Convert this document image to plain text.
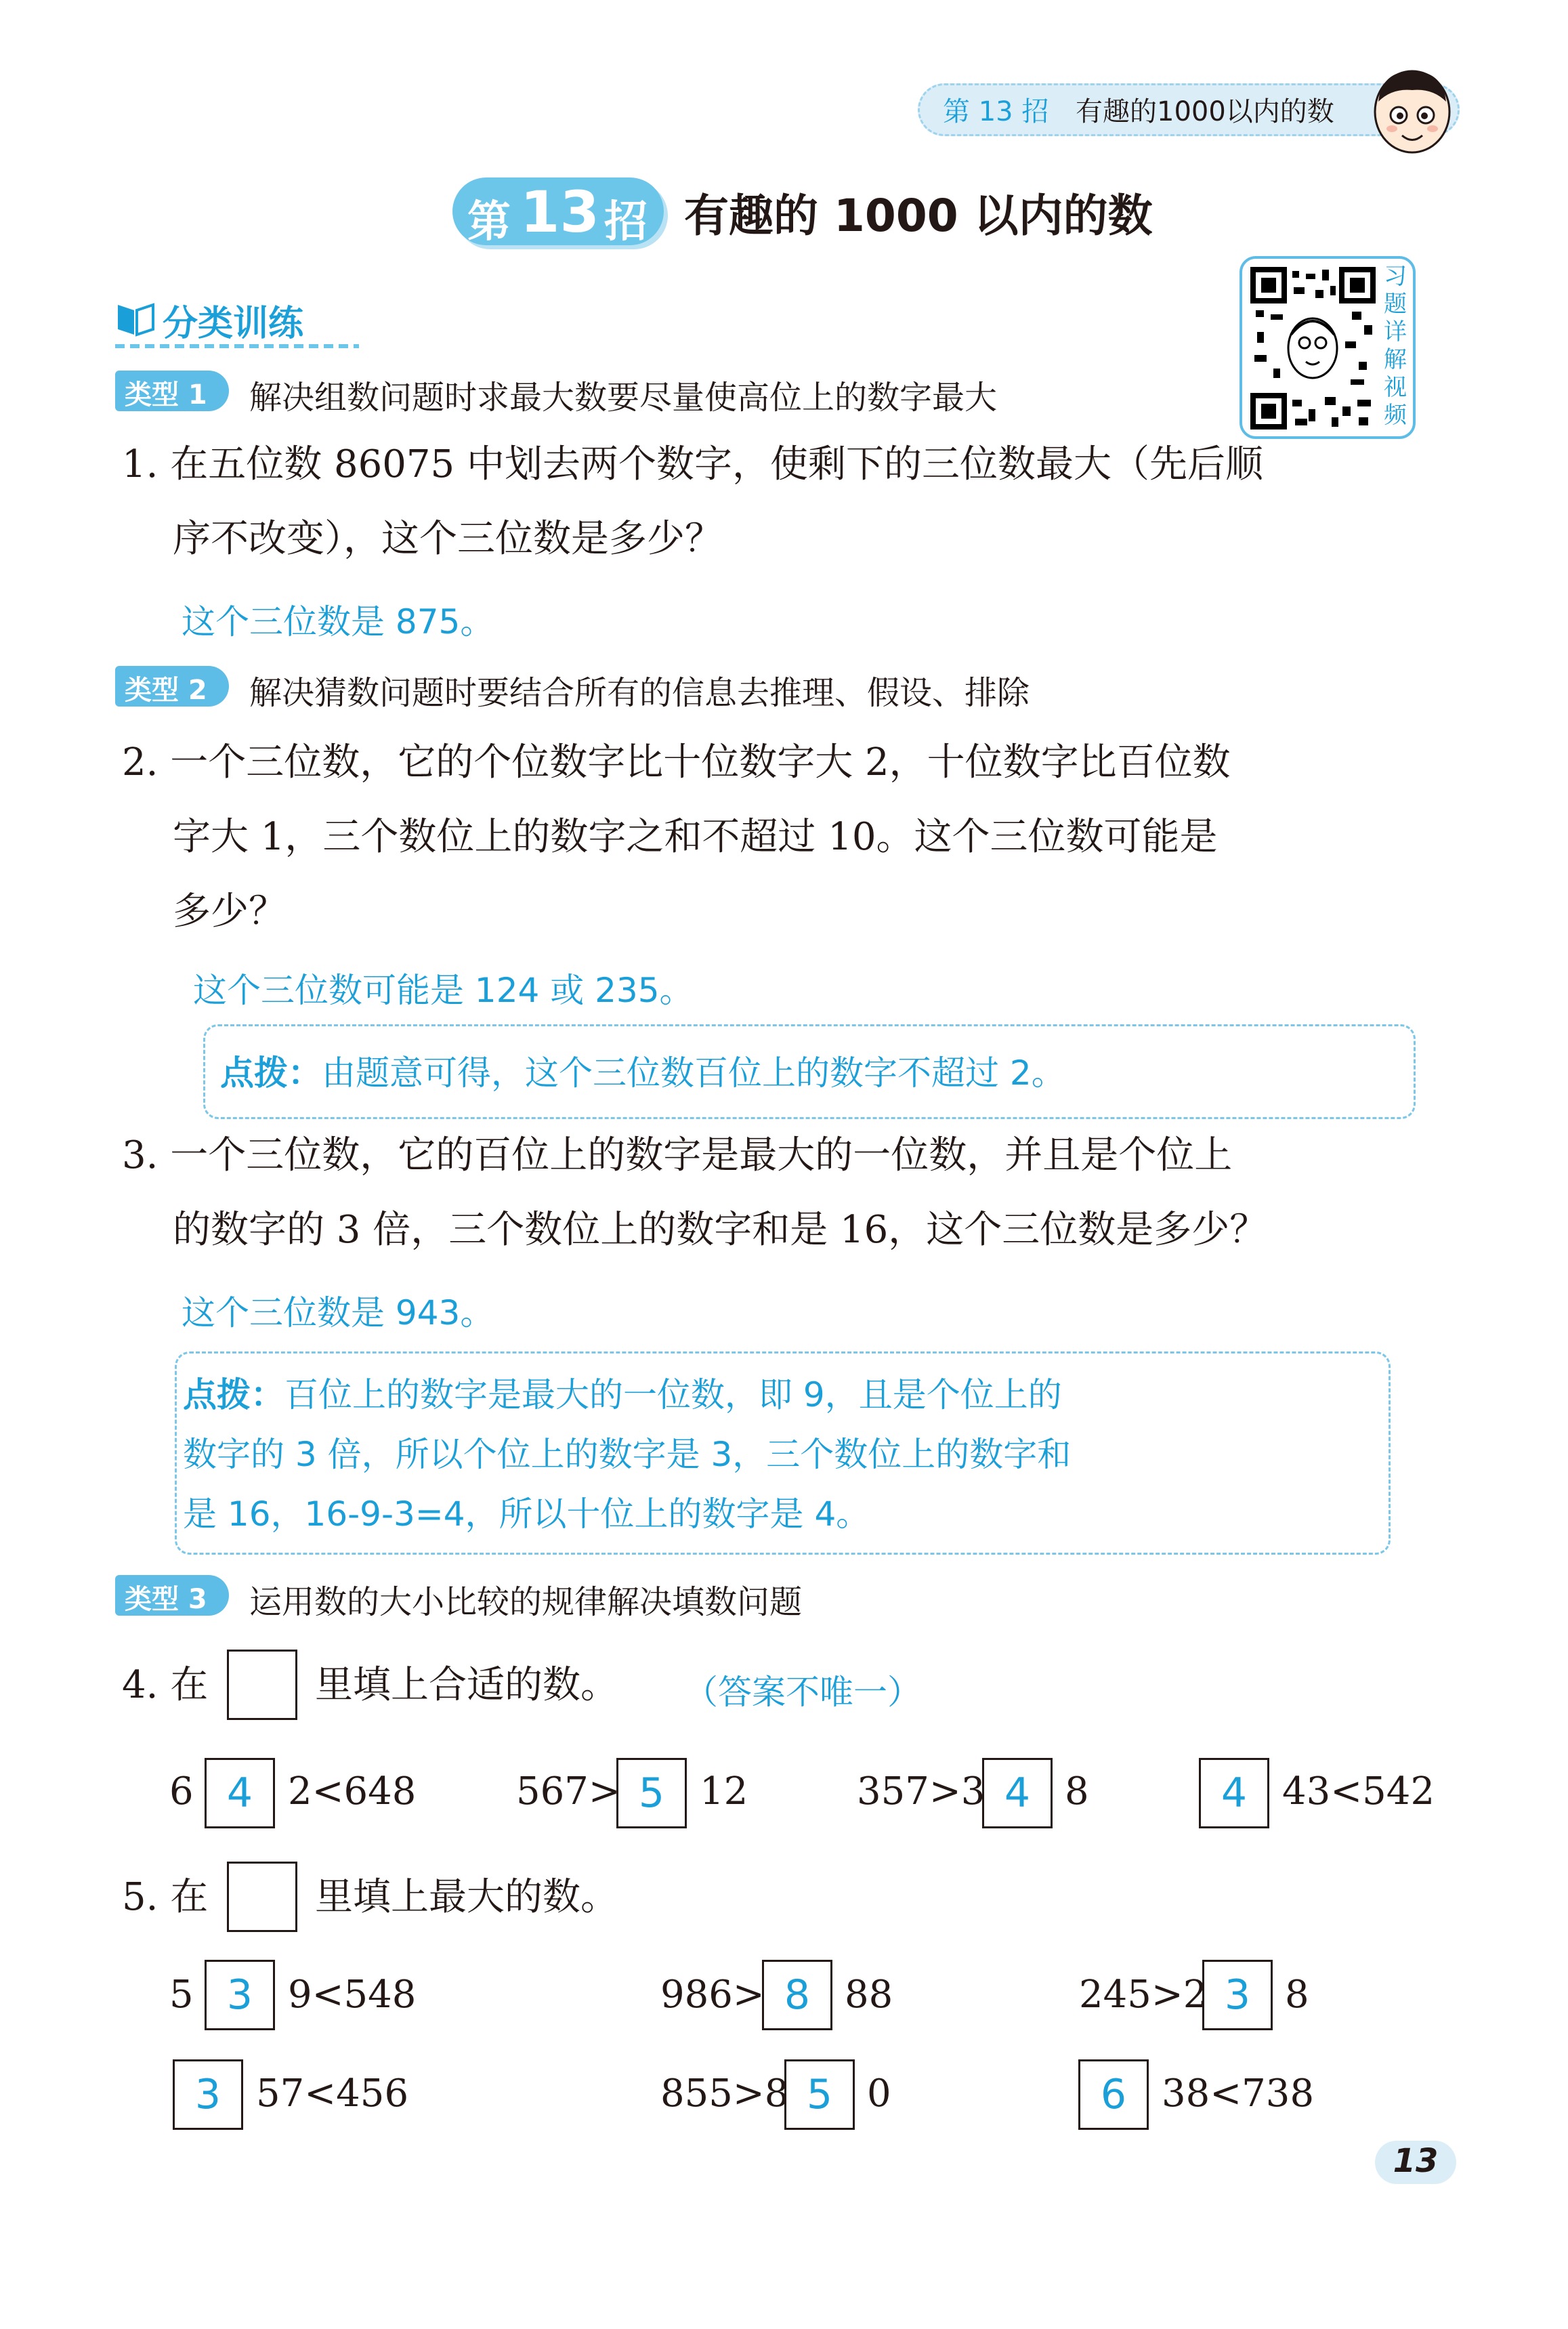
第 13 招 有趣的1000以内的数
第 13 招 有趣的 1000 以内的数
分类训练
习
题
详
解
视
频
类型 1 解决组数问题时求最大数要尽量使高位上的数字最大
1. 在五位数 86075 中划去两个数字，使剩下的三位数最大（先后顺
序不改变），这个三位数是多少？
这个三位数是 875。
类型 2 解决猜数问题时要结合所有的信息去推理、假设、排除
2. 一个三位数，它的个位数字比十位数字大 2，十位数字比百位数
字大 1，三个数位上的数字之和不超过 10。这个三位数可能是
多少？
这个三位数可能是 124 或 235。
点拨：由题意可得，这个三位数百位上的数字不超过 2。
3. 一个三位数，它的百位上的数字是最大的一位数，并且是个位上
的数字的 3 倍，三个数位上的数字和是 16，这个三位数是多少？
这个三位数是 943。
点拨：百位上的数字是最大的一位数，即 9，且是个位上的
数字的 3 倍，所以个位上的数字是 3，三个数位上的数字和
是 16，16-9-3=4，所以十位上的数字是 4。
类型 3 运用数的大小比较的规律解决填数问题
4. 在	里填上合适的数。 （答案不唯一）
6 4 2<648	567> 5 12	357>3 4 8	4 43<542
5. 在	里填上最大的数。
5 3 9<548	986> 8 88	245>2 3 8
3 57<456	855>8 5 0	6 38<738
13
